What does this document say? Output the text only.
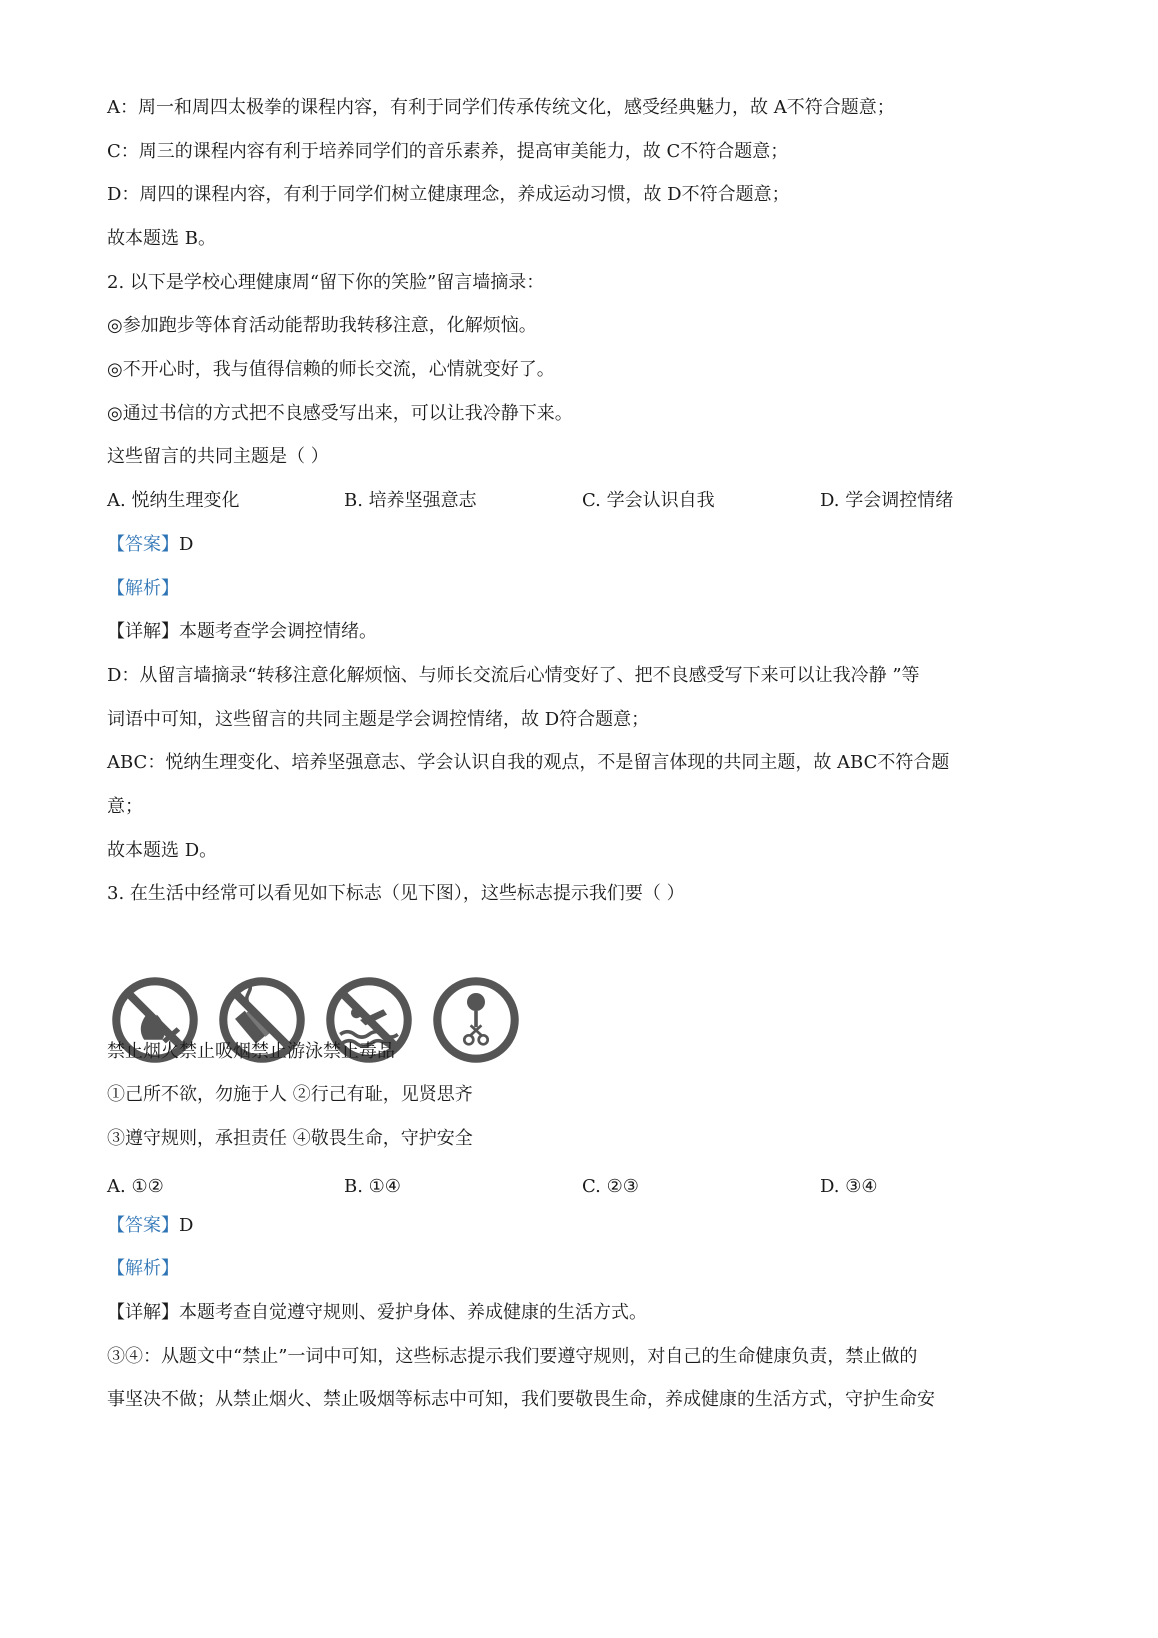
A：周一和周四太极拳的课程内容，有利于同学们传承传统文化，感受经典魅力，故 A不符合题意；
C：周三的课程内容有利于培养同学们的音乐素养，提高审美能力，故 C不符合题意；
D：周四的课程内容，有利于同学们树立健康理念，养成运动习惯，故 D不符合题意；
故本题选 B。
2. 以下是学校心理健康周“留下你的笑脸”留言墙摘录：
◎参加跑步等体育活动能帮助我转移注意，化解烦恼。
◎不开心时，我与值得信赖的师长交流，心情就变好了。
◎通过书信的方式把不良感受写出来，可以让我冷静下来。
这些留言的共同主题是（ ）
A. 悦纳生理变化	B. 培养坚强意志	C. 学会认识自我	D. 学会调控情绪
【答案】D
【解析】
【详解】本题考查学会调控情绪。
D：从留言墙摘录“转移注意化解烦恼、与师长交流后心情变好了、把不良感受写下来可以让我冷静 ”等
词语中可知，这些留言的共同主题是学会调控情绪，故 D符合题意；
ABC：悦纳生理变化、培养坚强意志、学会认识自我的观点，不是留言体现的共同主题，故 ABC不符合题
意；
故本题选 D。
3. 在生活中经常可以看见如下标志（见下图），这些标志提示我们要（ ）
禁止烟火禁止吸烟禁止游泳禁止毒品
①己所不欲，勿施于人 ②行己有耻，见贤思齐
③遵守规则，承担责任 ④敬畏生命，守护安全
A. ①②	B. ①④	C. ②③	D. ③④
【答案】D
【解析】
【详解】本题考查自觉遵守规则、爱护身体、养成健康的生活方式。
③④：从题文中“禁止”一词中可知，这些标志提示我们要遵守规则，对自己的生命健康负责，禁止做的
事坚决不做；从禁止烟火、禁止吸烟等标志中可知，我们要敬畏生命，养成健康的生活方式，守护生命安
